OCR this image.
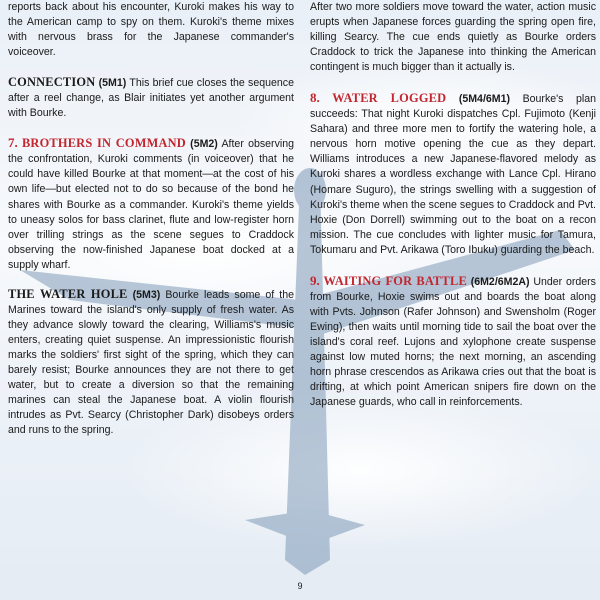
reports back about his encounter, Kuroki makes his way to the American camp to spy on them. Kuroki's theme mixes with nervous brass for the Japanese commander's voiceover.

CONNECTION (5M1) This brief cue closes the sequence after a reel change, as Blair initiates yet another argument with Bourke.

7. BROTHERS IN COMMAND (5M2) After observing the confrontation, Kuroki comments (in voiceover) that he could have killed Bourke at that moment—at the cost of his own life—but elected not to do so because of the bond he shares with Bourke as a commander. Kuroki's theme yields to uneasy solos for bass clarinet, flute and low-register horn over trilling strings as the scene segues to Craddock observing the now-finished Japanese boat docked at a supply wharf.

THE WATER HOLE (5M3) Bourke leads some of the Marines toward the island's only supply of fresh water. As they advance slowly toward the clearing, Williams's music enters, creating quiet suspense. An impressionistic flourish marks the soldiers' first sight of the spring, which they can barely resist; Bourke announces they are not there to get water, but to create a diversion so that the remaining marines can steal the Japanese boat. A violin flourish intrudes as Pvt. Searcy (Christopher Dark) disobeys orders and runs to the spring.

After two more soldiers move toward the water, action music erupts when Japanese forces guarding the spring open fire, killing Searcy. The cue ends quietly as Bourke orders Craddock to trick the Japanese into thinking the American contingent is much bigger than it actually is.

8. WATER LOGGED (5M4/6M1) Bourke's plan succeeds: That night Kuroki dispatches Cpl. Fujimoto (Kenji Sahara) and three more men to fortify the watering hole, a nervous horn motive opening the cue as they depart. Williams introduces a new Japanese-flavored melody as Kuroki shares a wordless exchange with Lance Cpl. Hirano (Homare Suguro), the strings swelling with a suggestion of Kuroki's theme when the scene segues to Craddock and Pvt. Hoxie (Don Dorrell) swimming out to the boat on a recon mission. The cue concludes with lighter music for Tamura, Tokumaru and Pvt. Arikawa (Toro Ibuku) guarding the beach.

9. WAITING FOR BATTLE (6M2/6M2A) Under orders from Bourke, Hoxie swims out and boards the boat along with Pvts. Johnson (Rafer Johnson) and Swensholm (Roger Ewing), then waits until morning tide to sail the boat over the island's coral reef. Lujons and xylophone create suspense against low muted horns; the next morning, an ascending horn phrase crescendos as Arikawa cries out that the boat is drifting, at which point American snipers fire down on the Japanese guards, who call in reinforcements.

9
